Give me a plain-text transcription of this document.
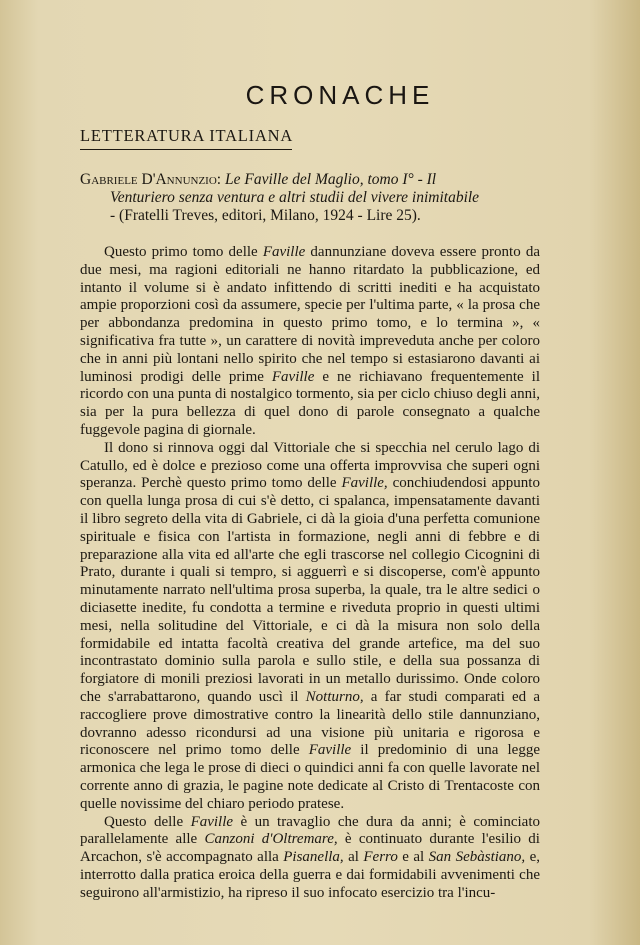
CRONACHE
LETTERATURA ITALIANA
Gabriele D'Annunzio: Le Faville del Maglio, tomo I° - Il
Venturiero senza ventura e altri studii del vivere inimitabile
- (Fratelli Treves, editori, Milano, 1924 - Lire 25).

Questo primo tomo delle Faville dannunziane doveva essere pronto da due mesi, ma ragioni editoriali ne hanno ritardato la pubblicazione, ed intanto il volume si è andato infittendo di scritti inediti e ha acquistato ampie proporzioni così da assumere, specie per l'ultima parte, « la prosa che per abbondanza predomina in questo primo tomo, e lo termina », « significativa fra tutte », un carattere di novità impreveduta anche per coloro che in anni più lontani nello spirito che nel tempo si estasiarono davanti ai luminosi prodigi delle prime Faville e ne richiavano frequentemente il ricordo con una punta di nostalgico tormento, sia per ciclo chiuso degli anni, sia per la pura bellezza di quel dono di parole consegnato a qualche fuggevole pagina di giornale.

Il dono si rinnova oggi dal Vittoriale che si specchia nel cerulo lago di Catullo, ed è dolce e prezioso come una offerta improvvisa che superi ogni speranza. Perchè questo primo tomo delle Faville, conchiudendosi appunto con quella lunga prosa di cui s'è detto, ci spalanca, impensatamente davanti il libro segreto della vita di Gabriele, ci dà la gioia d'una perfetta comunione spirituale e fisica con l'artista in formazione, negli anni di febbre e di preparazione alla vita ed all'arte che egli trascorse nel collegio Cicognini di Prato, durante i quali si tempro, si agguerrì e si discoperse, com'è appunto minutamente narrato nell'ultima prosa superba, la quale, tra le altre sedici o diciasette inedite, fu condotta a termine e riveduta proprio in questi ultimi mesi, nella solitudine del Vittoriale, e ci dà la misura non solo della formidabile ed intatta facoltà creativa del grande artefice, ma del suo incontrastato dominio sulla parola e sullo stile, e della sua possanza di forgiatore di monili preziosi lavorati in un metallo durissimo. Onde coloro che s'arrabattarono, quando uscì il Notturno, a far studi comparati ed a raccogliere prove dimostrative contro la linearità dello stile dannunziano, dovranno adesso ricondursi ad una visione più unitaria e rigorosa e riconoscere nel primo tomo delle Faville il predominio di una legge armonica che lega le prose di dieci o quindici anni fa con quelle lavorate nel corrente anno di grazia, le pagine note dedicate al Cristo di Trentacoste con quelle novissime del chiaro periodo pratese.

Questo delle Faville è un travaglio che dura da anni; è cominciato parallelamente alle Canzoni d'Oltremare, è continuato durante l'esilio di Arcachon, s'è accompagnato alla Pisanella, al Ferro e al San Sebàstiano, e, interrotto dalla pratica eroica della guerra e dai formidabili avvenimenti che seguirono all'armistizio, ha ripreso il suo infocato esercizio tra l'incu-
